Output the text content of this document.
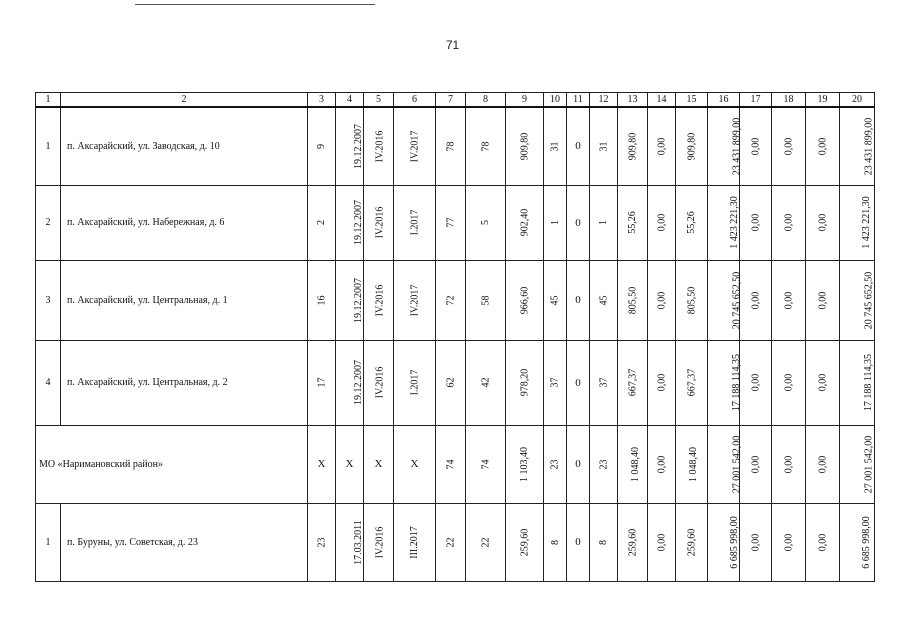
71
1	2	3	4	5	6	7	8	9	10	11	12	13	14	15	16	17	18	19	20
1	п. Аксарайский, ул. Заводская, д. 10	9	19.12.2007	IV.2016	IV.2017	78	78	909,80	31	0	31	909,80	0,00	909,80	23 431 899,00	0,00	0,00	0,00	23 431 899,00
2	п. Аксарайский, ул. Набережная, д. 6	2	19.12.2007	IV.2016	I.2017	77	5	902,40	1	0	1	55,26	0,00	55,26	1 423 221,30	0,00	0,00	0,00	1 423 221,30
3	п. Аксарайский, ул. Центральная, д. 1	16	19.12.2007	IV.2016	IV.2017	72	58	966,60	45	0	45	805,50	0,00	805,50	20 745 652,50	0,00	0,00	0,00	20 745 652,50
4	п. Аксарайский, ул. Центральная, д. 2	17	19.12.2007	IV.2016	I.2017	62	42	978,20	37	0	37	667,37	0,00	667,37	17 188 114,35	0,00	0,00	0,00	17 188 114,35
МО «Наримановский район»		X	X	X	X	74	74	1 103,40	23	0	23	1 048,40	0,00	1 048,40	27 001 542,00	0,00	0,00	0,00	27 001 542,00
1	п. Буруны, ул. Советская, д. 23	23	17.03.2011	IV.2016	III.2017	22	22	259,60	8	0	8	259,60	0,00	259,60	6 685 998,00	0,00	0,00	0,00	6 685 998,00
